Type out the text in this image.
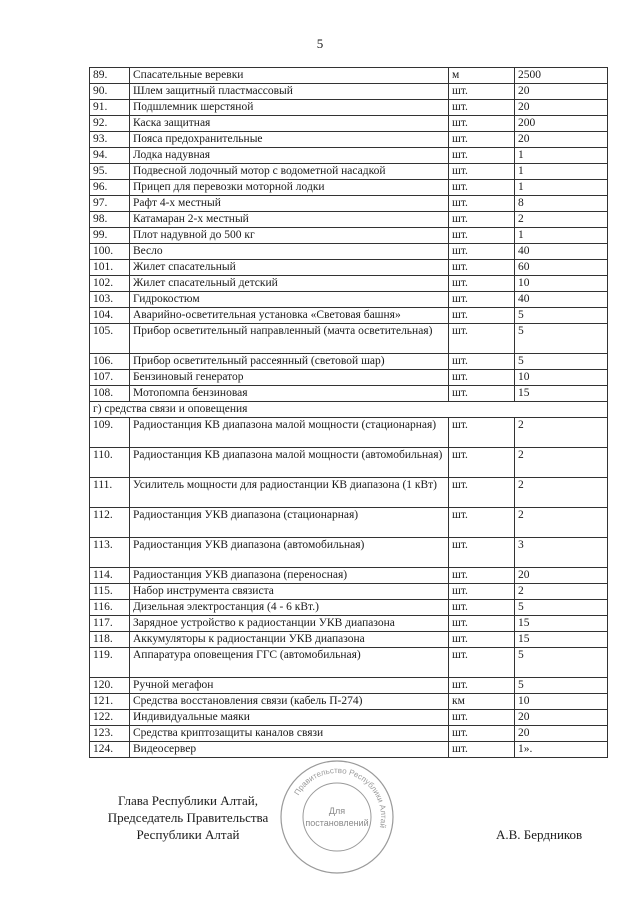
5
89.	Спасательные веревки	м	2500
90.	Шлем защитный пластмассовый	шт.	20
91.	Подшлемник шерстяной	шт.	20
92.	Каска защитная	шт.	200
93.	Пояса предохранительные	шт.	20
94.	Лодка надувная	шт.	1
95.	Подвесной лодочный мотор с водометной насадкой	шт.	1
96.	Прицеп для перевозки моторной лодки	шт.	1
97.	Рафт 4-х местный	шт.	8
98.	Катамаран 2-х местный	шт.	2
99.	Плот надувной до 500 кг	шт.	1
100.	Весло	шт.	40
101.	Жилет спасательный	шт.	60
102.	Жилет спасательный детский	шт.	10
103.	Гидрокостюм	шт.	40
104.	Аварийно-осветительная установка «Световая башня»	шт.	5
105.	Прибор осветительный направленный (мачта осветительная)	шт.	5
106.	Прибор осветительный рассеянный (световой шар)	шт.	5
107.	Бензиновый генератор	шт.	10
108.	Мотопомпа бензиновая	шт.	15
г) средства связи и оповещения			
109.	Радиостанция КВ диапазона малой мощности (стационарная)	шт.	2
110.	Радиостанция КВ диапазона малой мощности (автомобильная)	шт.	2
111.	Усилитель мощности для радиостанции КВ диапазона (1 кВт)	шт.	2
112.	Радиостанция УКВ диапазона (стационарная)	шт.	2
113.	Радиостанция УКВ диапазона (автомобильная)	шт.	3
114.	Радиостанция УКВ диапазона (переносная)	шт.	20
115.	Набор инструмента связиста	шт.	2
116.	Дизельная электростанция (4 - 6 кВт.)	шт.	5
117.	Зарядное устройство к радиостанции УКВ диапазона	шт.	15
118.	Аккумуляторы к радиостанции УКВ диапазона	шт.	15
119.	Аппаратура оповещения ГГС (автомобильная)	шт.	5
120.	Ручной мегафон	шт.	5
121.	Средства восстановления связи (кабель П-274)	км	10
122.	Индивидуальные маяки	шт.	20
123.	Средства криптозащиты каналов связи	шт.	20
124.	Видеосервер	шт.	1».
Правительство Республики Алтай
Для
постановлений
Глава Республики Алтай,
Председатель Правительства
Республики Алтай	А.В. Бердников
